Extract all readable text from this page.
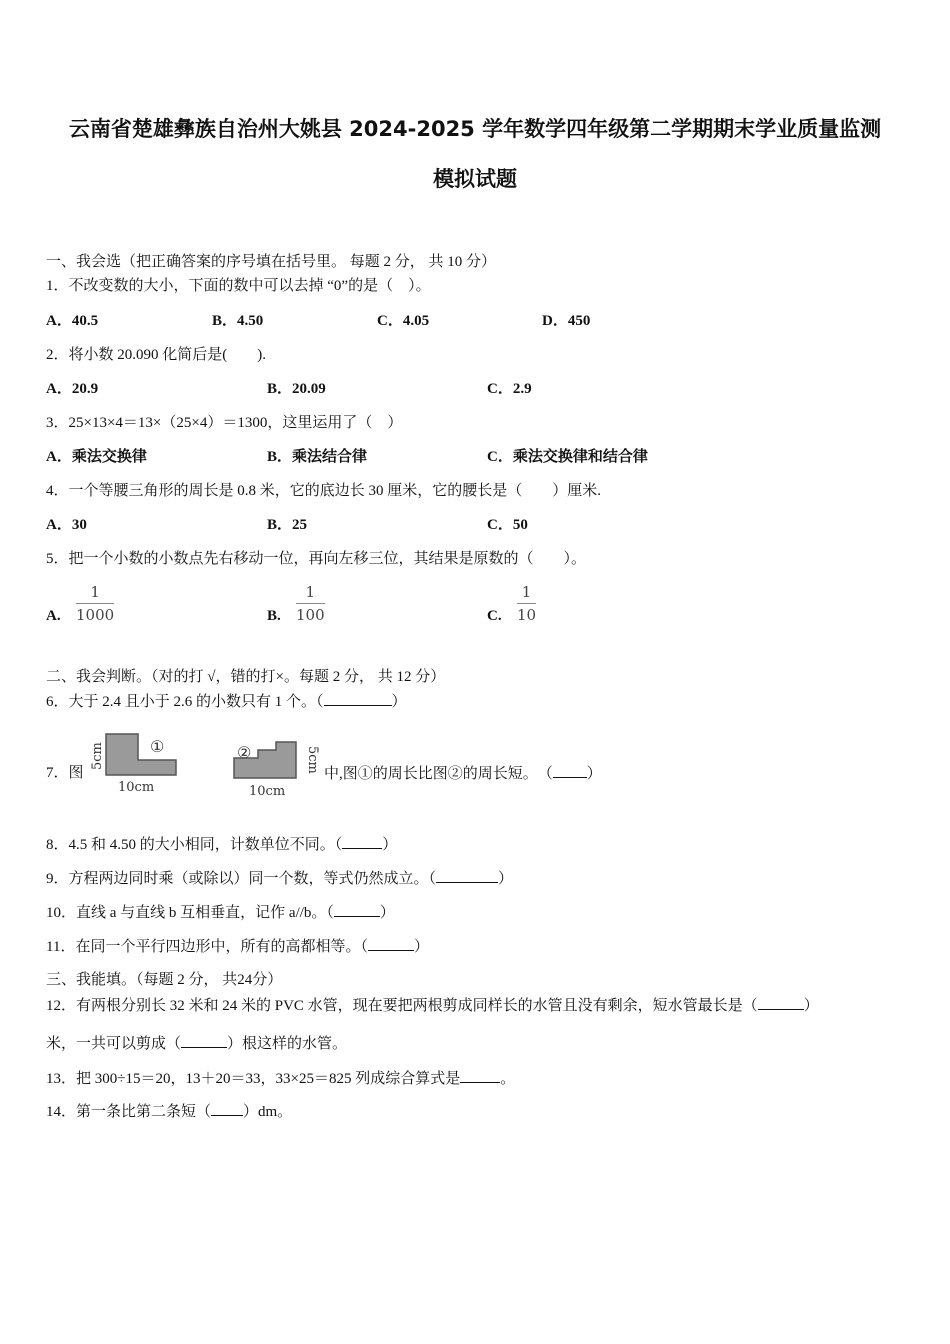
云南省楚雄彝族自治州大姚县 2024-2025 学年数学四年级第二学期期末学业质量监测
模拟试题
一、我会选（把正确答案的序号填在括号里。 每题 2 分， 共 10 分）
1．不改变数的大小，下面的数中可以去掉 “0”的是（　）。
A．40.5	B．4.50	C．4.05	D．450
2．将小数 20.090 化简后是(　　).
A．20.9	B．20.09	C．2.9
3．25×13×4＝13×（25×4）＝1300，这里运用了（　）
A．乘法交换律	B．乘法结合律	C．乘法交换律和结合律
4．一个等腰三角形的周长是 0.8 米，它的底边长 30 厘米，它的腰长是（　　）厘米.
A．30	B．25	C．50
5．把一个小数的小数点先右移动一位，再向左移三位，其结果是原数的（　　）。
A.
1
1000	B.
1
100	C.
1
10
二、我会判断。（对的打 √，错的打×。每题 2 分， 共 12 分）
6．大于 2.4 且小于 2.6 的小数只有 1 个。（	）
7．图
5cm	①
10cm
②	5cm
10cm
中,图①的周长比图②的周长短。　（ ）
8．4.5 和 4.50 的大小相同，计数单位不同。（	）
9．方程两边同时乘（或除以）同一个数，等式仍然成立。（	）
10．直线 a 与直线 b 互相垂直，记作 a//b。（	）
11．在同一个平行四边形中，所有的高都相等。（	）
三、我能填。（每题 2 分， 共24分）
12．有两根分别长 32 米和 24 米的 PVC 水管，现在要把两根剪成同样长的水管且没有剩余，短水管最长是（	）
米，一共可以剪成（	）根这样的水管。
13．把 300÷15＝20，13＋20＝33，33×25＝825 列成综合算式是	。
14．第一条比第二条短（ ）dm。
